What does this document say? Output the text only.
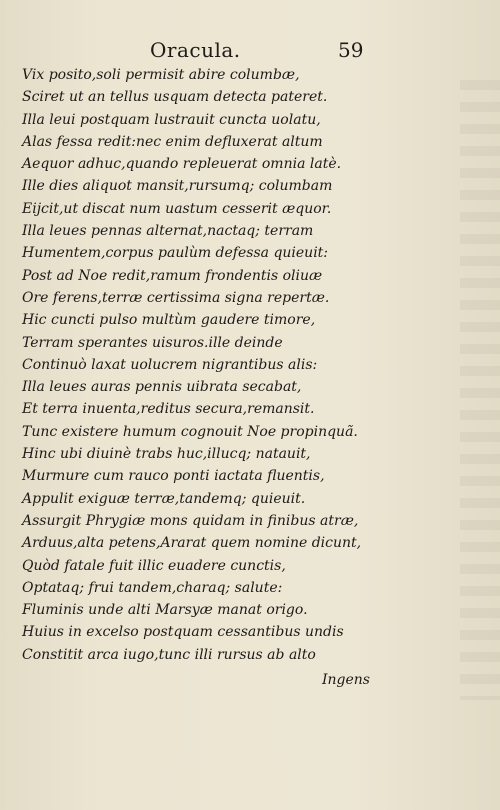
Oracula.	59
Vix posito,soli permisit abire columbæ,
Sciret ut an tellus usquam detecta pateret.
Illa leui postquam lustrauit cuncta uolatu,
Alas fessa redit:nec enim defluxerat altum
Aequor adhuc,quando repleuerat omnia latè.
Ille dies aliquot mansit,rursumq; columbam
Eijcit,ut discat num uastum cesserit æquor.
Illa leues pennas alternat,nactaq; terram
Humentem,corpus paulùm defessa quieuit:
Post ad Noe redit,ramum frondentis oliuæ
Ore ferens,terræ certissima signa repertæ.
Hic cuncti pulso multùm gaudere timore,
Terram sperantes uisuros.ille deinde
Continuò laxat uolucrem nigrantibus alis:
Illa leues auras pennis uibrata secabat,
Et terra inuenta,reditus secura,remansit.
Tunc existere humum cognouit Noe propinquã.
Hinc ubi diuinè trabs huc,illucq; natauit,
Murmure cum rauco ponti iactata fluentis,
Appulit exiguæ terræ,tandemq; quieuit.
Assurgit Phrygiæ mons quidam in finibus atræ,
Arduus,alta petens,Ararat quem nomine dicunt,
Quòd fatale fuit illic euadere cunctis,
Optataq; frui tandem,charaq; salute:
Fluminis unde alti Marsyæ manat origo.
Huius in excelso postquam cessantibus undis
Constitit arca iugo,tunc illi rursus ab alto
Ingens
